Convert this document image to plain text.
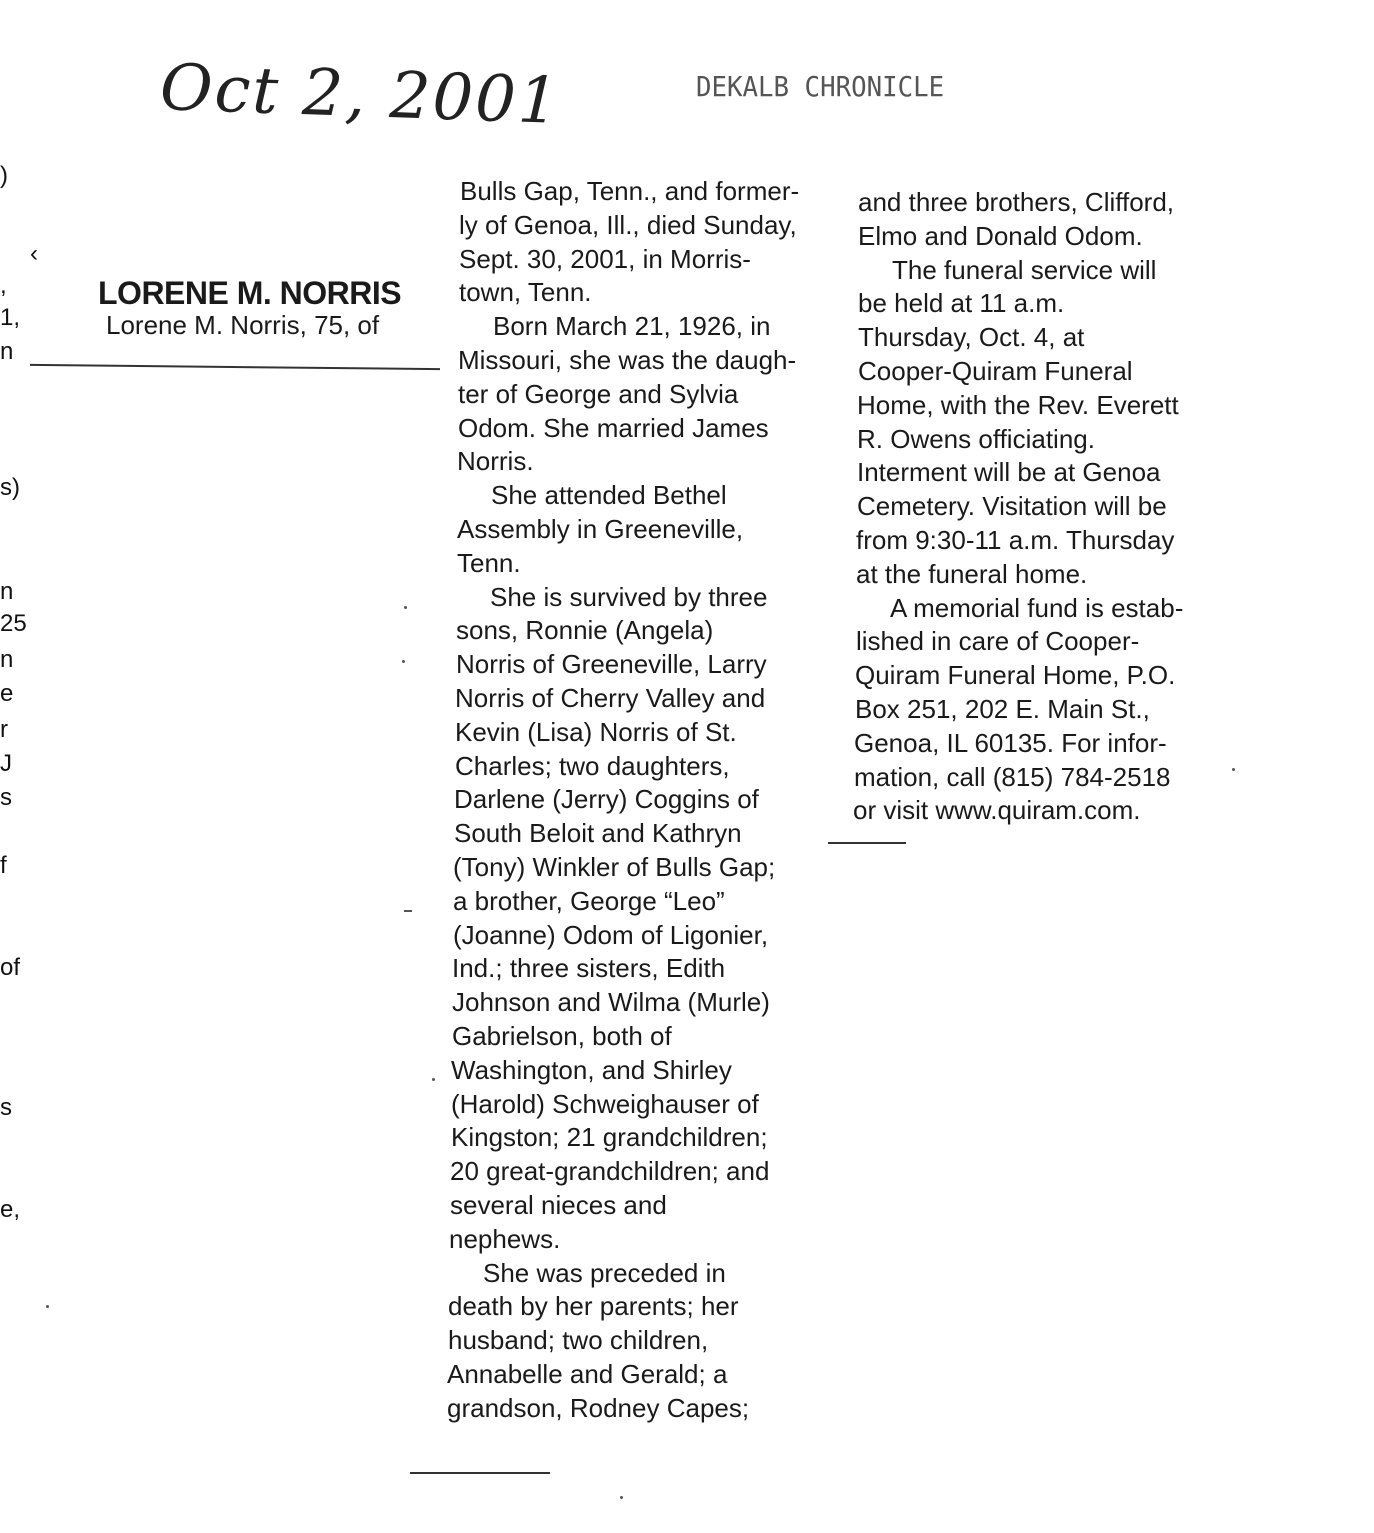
Oct 2, 2001	DEKALB CHRONICLE
LORENE M. NORRIS
Lorene M. Norris, 75, of
Bulls Gap, Tenn., and former-
ly of Genoa, Ill., died Sunday,
Sept. 30, 2001, in Morris-
town, Tenn.
Born March 21, 1926, in
Missouri, she was the daugh-
ter of George and Sylvia
Odom. She married James
Norris.
She attended Bethel
Assembly in Greeneville,
Tenn.
She is survived by three
sons, Ronnie (Angela)
Norris of Greeneville, Larry
Norris of Cherry Valley and
Kevin (Lisa) Norris of St.
Charles; two daughters,
Darlene (Jerry) Coggins of
South Beloit and Kathryn
(Tony) Winkler of Bulls Gap;
a brother, George “Leo”
(Joanne) Odom of Ligonier,
Ind.; three sisters, Edith
Johnson and Wilma (Murle)
Gabrielson, both of
Washington, and Shirley
(Harold) Schweighauser of
Kingston; 21 grandchildren;
20 great-grandchildren; and
several nieces and
nephews.
She was preceded in
death by her parents; her
husband; two children,
Annabelle and Gerald; a
grandson, Rodney Capes;
and three brothers, Clifford,
Elmo and Donald Odom.
The funeral service will
be held at 11 a.m.
Thursday, Oct. 4, at
Cooper-Quiram Funeral
Home, with the Rev. Everett
R. Owens officiating.
Interment will be at Genoa
Cemetery. Visitation will be
from 9:30-11 a.m. Thursday
at the funeral home.
A memorial fund is estab-
lished in care of Cooper-
Quiram Funeral Home, P.O.
Box 251, 202 E. Main St.,
Genoa, IL 60135. For infor-
mation, call (815) 784-2518
or visit www.quiram.com.
)
‹
,
1,
n
s)
n
25
n
e
r
J
s
f
of
s
e,
